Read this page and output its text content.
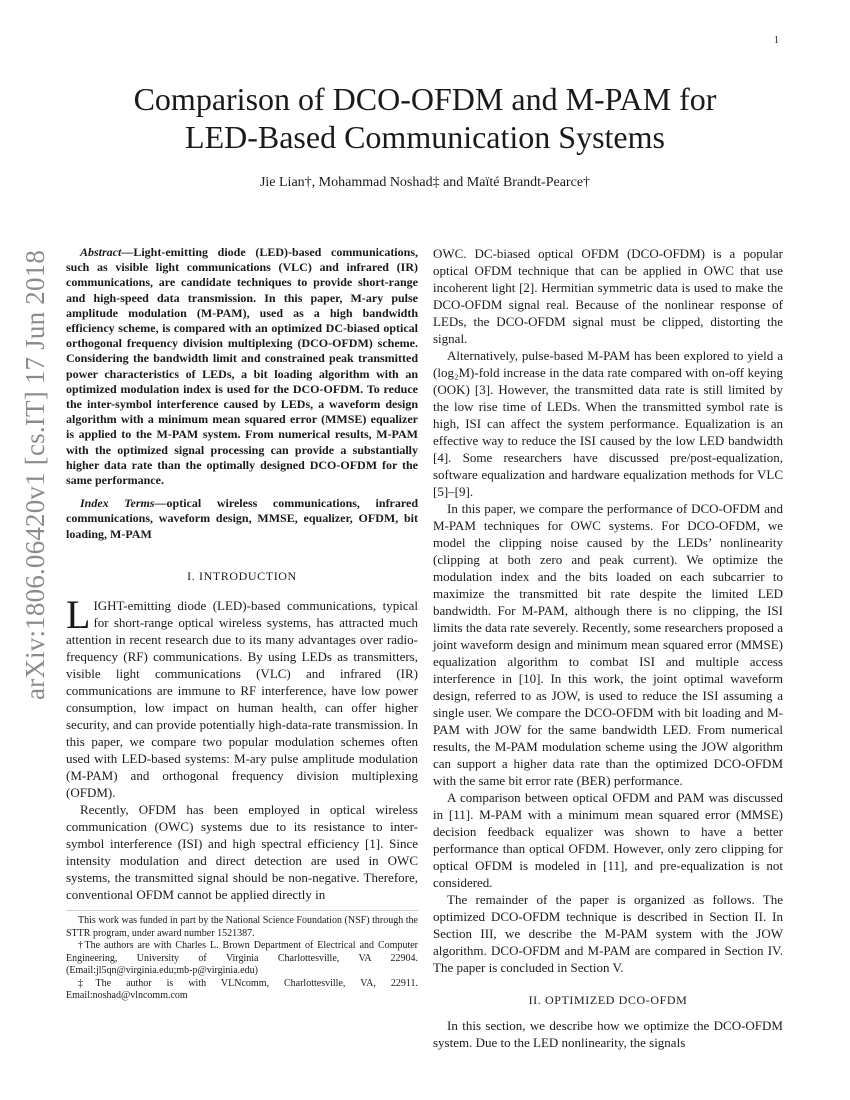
1
arXiv:1806.06420v1 [cs.IT] 17 Jun 2018
Comparison of DCO-OFDM and M-PAM for
LED-Based Communication Systems
Jie Lian†, Mohammad Noshad‡ and Maïté Brandt-Pearce†

Abstract—Light-emitting diode (LED)-based communications, such as visible light communications (VLC) and infrared (IR) communications, are candidate techniques to provide short-range and high-speed data transmission. In this paper, M-ary pulse amplitude modulation (M-PAM), used as a high bandwidth efficiency scheme, is compared with an optimized DC-biased optical orthogonal frequency division multiplexing (DCO-OFDM) scheme. Considering the bandwidth limit and constrained peak transmitted power characteristics of LEDs, a bit loading algorithm with an optimized modulation index is used for the DCO-OFDM. To reduce the inter-symbol interference caused by LEDs, a waveform design algorithm with a minimum mean squared error (MMSE) equalizer is applied to the M-PAM system. From numerical results, M-PAM with the optimized signal processing can provide a substantially higher data rate than the optimally designed DCO-OFDM for the same performance.

Index Terms—optical wireless communications, infrared communications, waveform design, MMSE, equalizer, OFDM, bit loading, M-PAM

I. INTRODUCTION

LIGHT-emitting diode (LED)-based communications, typical for short-range optical wireless systems, has attracted much attention in recent research due to its many advantages over radio-frequency (RF) communications. By using LEDs as transmitters, visible light communications (VLC) and infrared (IR) communications are immune to RF interference, have low power consumption, low impact on human health, can offer higher security, and can provide potentially high-data-rate transmission. In this paper, we compare two popular modulation schemes often used with LED-based systems: M-ary pulse amplitude modulation (M-PAM) and orthogonal frequency division multiplexing (OFDM).

Recently, OFDM has been employed in optical wireless communication (OWC) systems due to its resistance to inter-symbol interference (ISI) and high spectral efficiency [1]. Since intensity modulation and direct detection are used in OWC systems, the transmitted signal should be non-negative. Therefore, conventional OFDM cannot be applied directly in

This work was funded in part by the National Science Foundation (NSF) through the STTR program, under award number 1521387.

†The authors are with Charles L. Brown Department of Electrical and Computer Engineering, University of Virginia Charlottesville, VA 22904. (Email:jl5qn@virginia.edu;mb-p@virginia.edu)

‡The author is with VLNcomm, Charlottesville, VA, 22911. Email:noshad@vlncomm.com

OWC. DC-biased optical OFDM (DCO-OFDM) is a popular optical OFDM technique that can be applied in OWC that use incoherent light [2]. Hermitian symmetric data is used to make the DCO-OFDM signal real. Because of the nonlinear response of LEDs, the DCO-OFDM signal must be clipped, distorting the signal.

Alternatively, pulse-based M-PAM has been explored to yield a (log₂M)-fold increase in the data rate compared with on-off keying (OOK) [3]. However, the transmitted data rate is still limited by the low rise time of LEDs. When the transmitted symbol rate is high, ISI can affect the system performance. Equalization is an effective way to reduce the ISI caused by the low LED bandwidth [4]. Some researchers have discussed pre/post-equalization, software equalization and hardware equalization methods for VLC [5]–[9].

In this paper, we compare the performance of DCO-OFDM and M-PAM techniques for OWC systems. For DCO-OFDM, we model the clipping noise caused by the LEDs’ nonlinearity (clipping at both zero and peak current). We optimize the modulation index and the bits loaded on each subcarrier to maximize the transmitted bit rate despite the limited LED bandwidth. For M-PAM, although there is no clipping, the ISI limits the data rate severely. Recently, some researchers proposed a joint waveform design and minimum mean squared error (MMSE) equalization algorithm to combat ISI and multiple access interference in [10]. In this work, the joint optimal waveform design, referred to as JOW, is used to reduce the ISI assuming a single user. We compare the DCO-OFDM with bit loading and M-PAM with JOW for the same bandwidth LED. From numerical results, the M-PAM modulation scheme using the JOW algorithm can support a higher data rate than the optimized DCO-OFDM with the same bit error rate (BER) performance.

A comparison between optical OFDM and PAM was discussed in [11]. M-PAM with a minimum mean squared error (MMSE) decision feedback equalizer was shown to have a better performance than optical OFDM. However, only zero clipping for optical OFDM is modeled in [11], and pre-equalization is not considered.

The remainder of the paper is organized as follows. The optimized DCO-OFDM technique is described in Section II. In Section III, we describe the M-PAM system with the JOW algorithm. DCO-OFDM and M-PAM are compared in Section IV. The paper is concluded in Section V.

II. OPTIMIZED DCO-OFDM

In this section, we describe how we optimize the DCO-OFDM system. Due to the LED nonlinearity, the signals
